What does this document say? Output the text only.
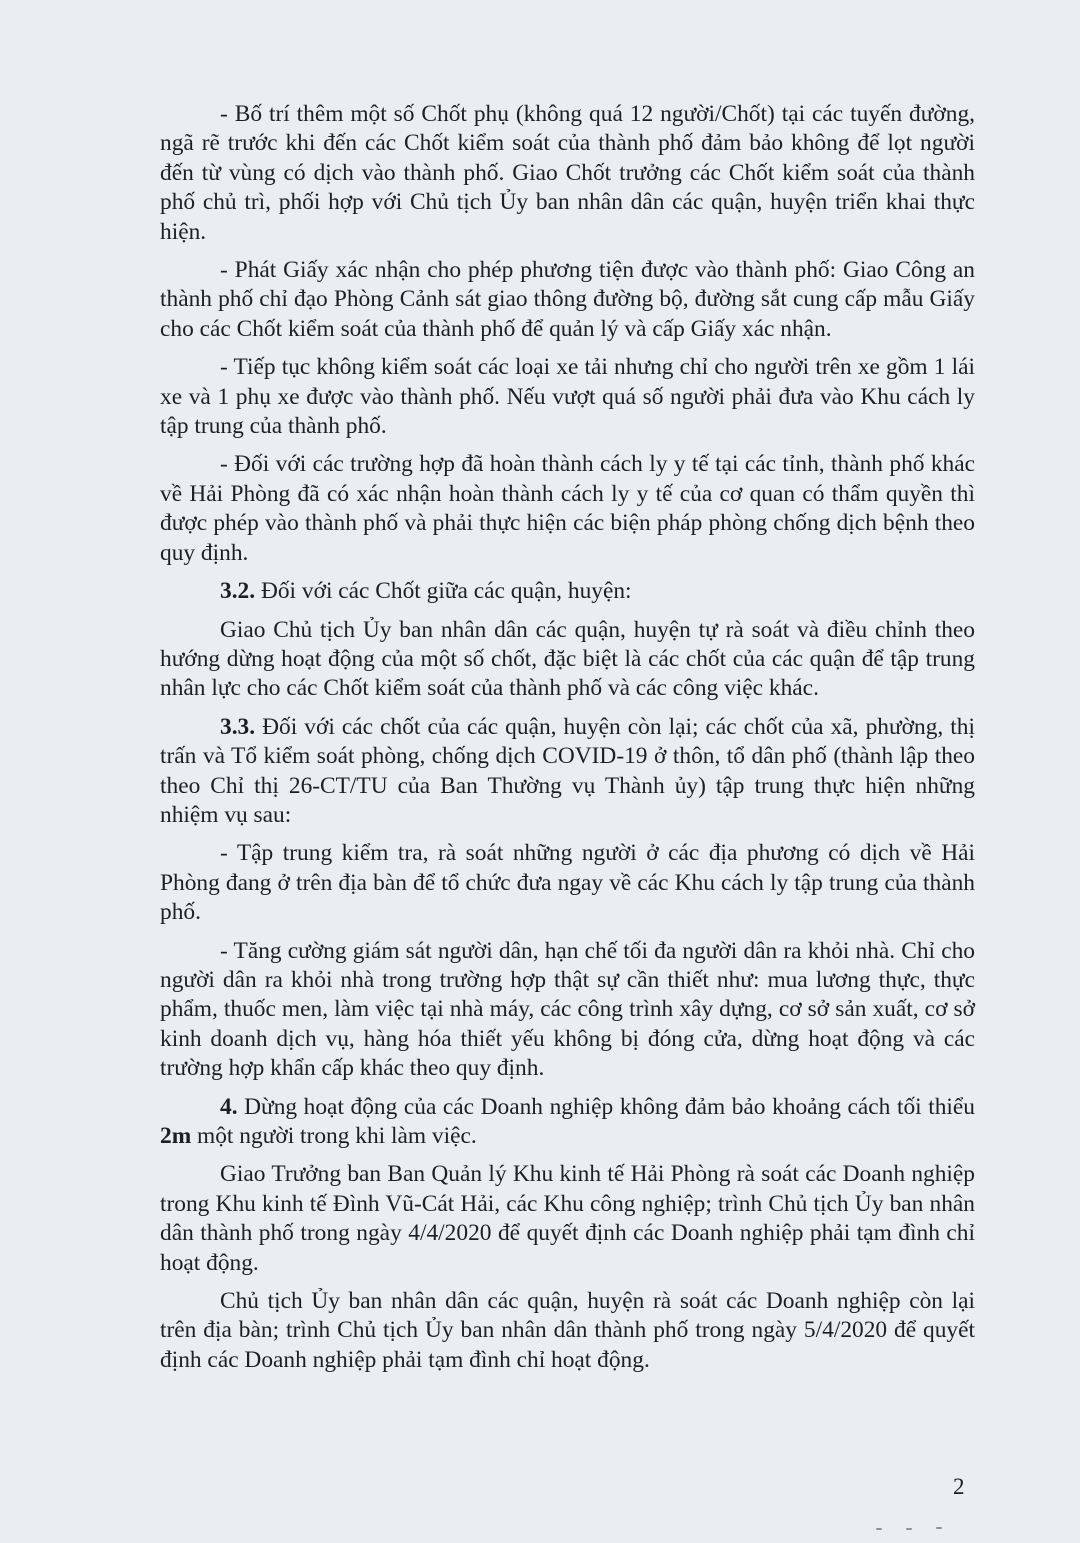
- Bố trí thêm một số Chốt phụ (không quá 12 người/Chốt) tại các tuyến đường, ngã rẽ trước khi đến các Chốt kiểm soát của thành phố đảm bảo không để lọt người đến từ vùng có dịch vào thành phố. Giao Chốt trưởng các Chốt kiểm soát của thành phố chủ trì, phối hợp với Chủ tịch Ủy ban nhân dân các quận, huyện triển khai thực hiện.

- Phát Giấy xác nhận cho phép phương tiện được vào thành phố: Giao Công an thành phố chỉ đạo Phòng Cảnh sát giao thông đường bộ, đường sắt cung cấp mẫu Giấy cho các Chốt kiểm soát của thành phố để quản lý và cấp Giấy xác nhận.

- Tiếp tục không kiểm soát các loại xe tải nhưng chỉ cho người trên xe gồm 1 lái xe và 1 phụ xe được vào thành phố. Nếu vượt quá số người phải đưa vào Khu cách ly tập trung của thành phố.

- Đối với các trường hợp đã hoàn thành cách ly y tế tại các tỉnh, thành phố khác về Hải Phòng đã có xác nhận hoàn thành cách ly y tế của cơ quan có thẩm quyền thì được phép vào thành phố và phải thực hiện các biện pháp phòng chống dịch bệnh theo quy định.

3.2. Đối với các Chốt giữa các quận, huyện:

Giao Chủ tịch Ủy ban nhân dân các quận, huyện tự rà soát và điều chỉnh theo hướng dừng hoạt động của một số chốt, đặc biệt là các chốt của các quận để tập trung nhân lực cho các Chốt kiểm soát của thành phố và các công việc khác.

3.3. Đối với các chốt của các quận, huyện còn lại; các chốt của xã, phường, thị trấn và Tổ kiểm soát phòng, chống dịch COVID-19 ở thôn, tổ dân phố (thành lập theo theo Chỉ thị 26-CT/TU của Ban Thường vụ Thành ủy) tập trung thực hiện những nhiệm vụ sau:

- Tập trung kiểm tra, rà soát những người ở các địa phương có dịch về Hải Phòng đang ở trên địa bàn để tổ chức đưa ngay về các Khu cách ly tập trung của thành phố.

- Tăng cường giám sát người dân, hạn chế tối đa người dân ra khỏi nhà. Chỉ cho người dân ra khỏi nhà trong trường hợp thật sự cần thiết như: mua lương thực, thực phẩm, thuốc men, làm việc tại nhà máy, các công trình xây dựng, cơ sở sản xuất, cơ sở kinh doanh dịch vụ, hàng hóa thiết yếu không bị đóng cửa, dừng hoạt động và các trường hợp khẩn cấp khác theo quy định.

4. Dừng hoạt động của các Doanh nghiệp không đảm bảo khoảng cách tối thiểu 2m một người trong khi làm việc.

Giao Trưởng ban Ban Quản lý Khu kinh tế Hải Phòng rà soát các Doanh nghiệp trong Khu kinh tế Đình Vũ-Cát Hải, các Khu công nghiệp; trình Chủ tịch Ủy ban nhân dân thành phố trong ngày 4/4/2020 để quyết định các Doanh nghiệp phải tạm đình chỉ hoạt động.

Chủ tịch Ủy ban nhân dân các quận, huyện rà soát các Doanh nghiệp còn lại trên địa bàn; trình Chủ tịch Ủy ban nhân dân thành phố trong ngày 5/4/2020 để quyết định các Doanh nghiệp phải tạm đình chỉ hoạt động.

2
